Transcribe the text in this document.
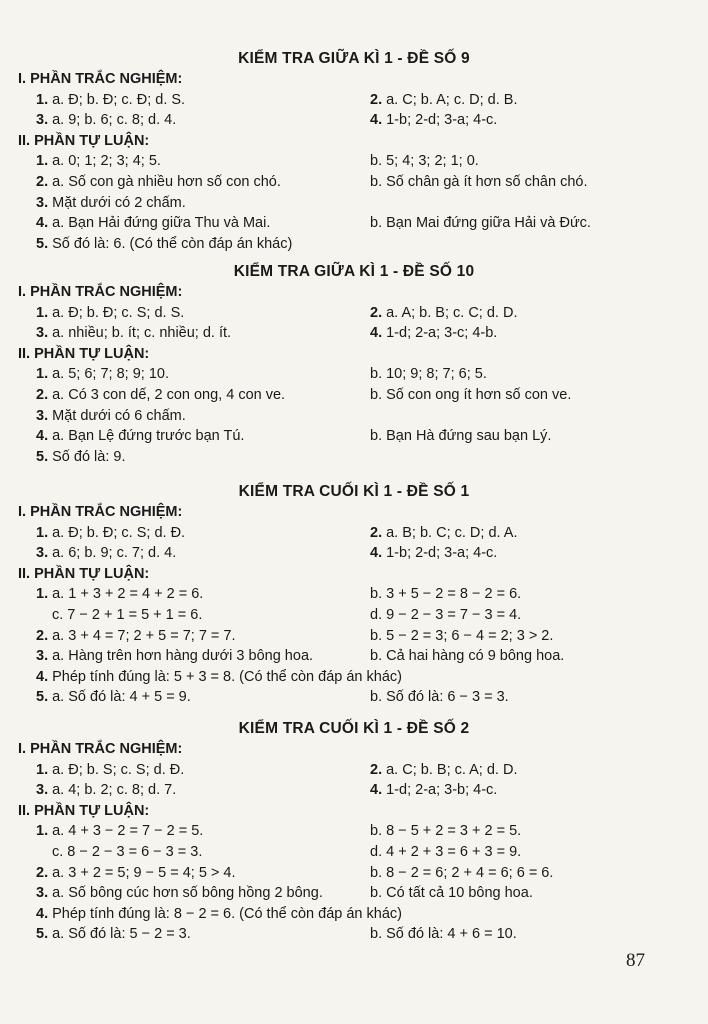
KIỂM TRA GIỮA KÌ 1 - ĐỀ SỐ 9
I. PHẦN TRẮC NGHIỆM:
1. a. Đ; b. Đ; c. Đ; d. S.	2. a. C; b. A; c. D; d. B.
3. a. 9; b. 6; c. 8; d. 4.	4. 1-b; 2-d; 3-a; 4-c.
II. PHẦN TỰ LUẬN:
1. a. 0; 1; 2; 3; 4; 5.	b. 5; 4; 3; 2; 1; 0.
2. a. Số con gà nhiều hơn số con chó.	b. Số chân gà ít hơn số chân chó.
3. Mặt dưới có 2 chấm.
4. a. Bạn Hải đứng giữa Thu và Mai.	b. Bạn Mai đứng giữa Hải và Đức.
5. Số đó là: 6. (Có thể còn đáp án khác)
KIỂM TRA GIỮA KÌ 1 - ĐỀ SỐ 10
I. PHẦN TRẮC NGHIỆM:
1. a. Đ; b. Đ; c. S; d. S.	2. a. A; b. B; c. C; d. D.
3. a. nhiều; b. ít; c. nhiều; d. ít.	4. 1-d; 2-a; 3-c; 4-b.
II. PHẦN TỰ LUẬN:
1. a. 5; 6; 7; 8; 9; 10.	b. 10; 9; 8; 7; 6; 5.
2. a. Có 3 con dế, 2 con ong, 4 con ve.	b. Số con ong ít hơn số con ve.
3. Mặt dưới có 6 chấm.
4. a. Bạn Lệ đứng trước bạn Tú.	b. Bạn Hà đứng sau bạn Lý.
5. Số đó là: 9.
KIỂM TRA CUỐI KÌ 1 - ĐỀ SỐ 1
I. PHẦN TRẮC NGHIỆM:
1. a. Đ; b. Đ; c. S; d. Đ.	2. a. B; b. C; c. D; d. A.
3. a. 6; b. 9; c. 7; d. 4.	4. 1-b; 2-d; 3-a; 4-c.
II. PHẦN TỰ LUẬN:
1. a. 1 + 3 + 2 = 4 + 2 = 6.	b. 3 + 5 − 2 = 8 − 2 = 6.
c. 7 − 2 + 1 = 5 + 1 = 6.	d. 9 − 2 − 3 = 7 − 3 = 4.
2. a. 3 + 4 = 7; 2 + 5 = 7; 7 = 7.	b. 5 − 2 = 3; 6 − 4 = 2; 3 > 2.
3. a. Hàng trên hơn hàng dưới 3 bông hoa.	b. Cả hai hàng có 9 bông hoa.
4. Phép tính đúng là: 5 + 3 = 8. (Có thể còn đáp án khác)
5. a. Số đó là: 4 + 5 = 9.	b. Số đó là: 6 − 3 = 3.
KIỂM TRA CUỐI KÌ 1 - ĐỀ SỐ 2
I. PHẦN TRẮC NGHIỆM:
1. a. Đ; b. S; c. S; d. Đ.	2. a. C; b. B; c. A; d. D.
3. a. 4; b. 2; c. 8; d. 7.	4. 1-d; 2-a; 3-b; 4-c.
II. PHẦN TỰ LUẬN:
1. a. 4 + 3 − 2 = 7 − 2 = 5.	b. 8 − 5 + 2 = 3 + 2 = 5.
c. 8 − 2 − 3 = 6 − 3 = 3.	d. 4 + 2 + 3 = 6 + 3 = 9.
2. a. 3 + 2 = 5; 9 − 5 = 4; 5 > 4.	b. 8 − 2 = 6; 2 + 4 = 6; 6 = 6.
3. a. Số bông cúc hơn số bông hồng 2 bông.	b. Có tất cả 10 bông hoa.
4. Phép tính đúng là: 8 − 2 = 6. (Có thể còn đáp án khác)
5. a. Số đó là: 5 − 2 = 3.	b. Số đó là: 4 + 6 = 10.
87
